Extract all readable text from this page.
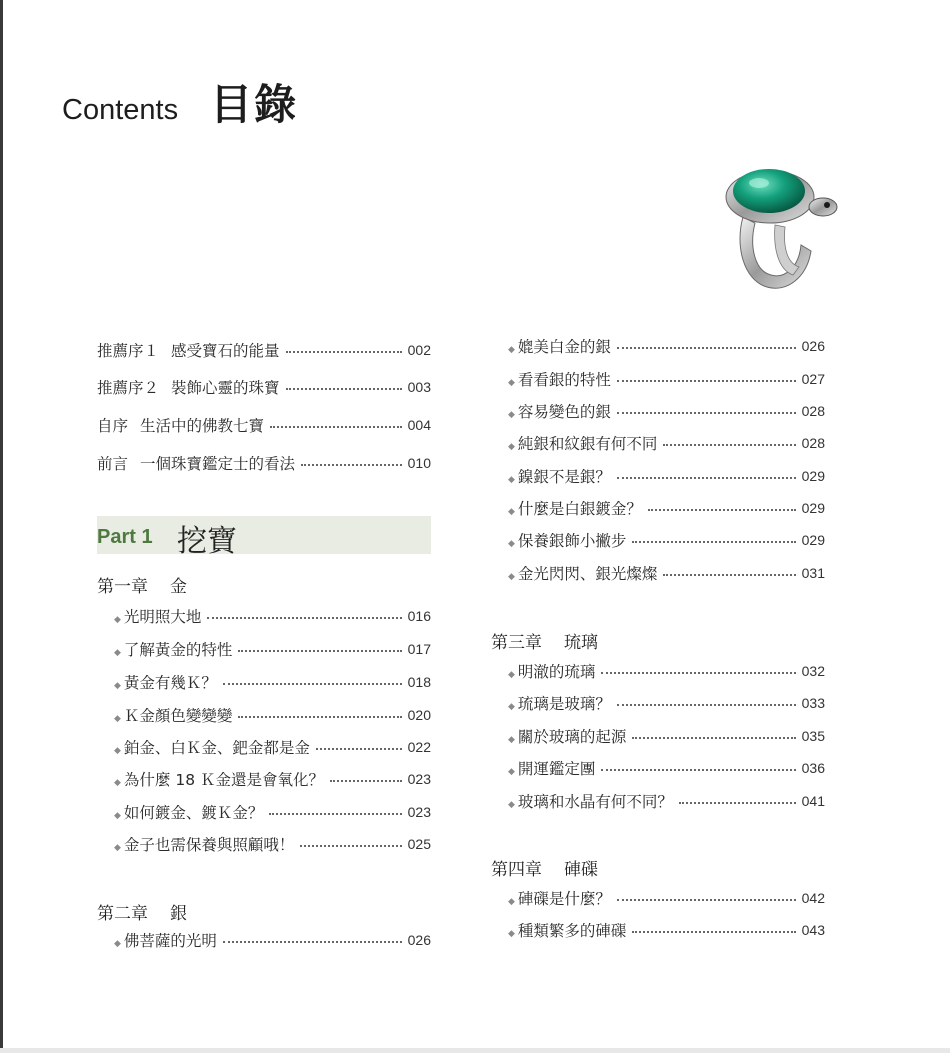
Contents 目錄
推薦序１ 感受寶石的能量	002
推薦序２ 裝飾心靈的珠寶	003
自序 生活中的佛教七寶	004
前言 一個珠寶鑑定士的看法	010
Part 1 挖寶
第一章 金
◆ 光明照大地	016
◆ 了解黃金的特性	017
◆ 黃金有幾Ｋ？	018
◆ Ｋ金顏色變變變	020
◆ 鉑金、白Ｋ金、鈀金都是金	022
◆ 為什麼 18 Ｋ金還是會氧化？	023
◆ 如何鍍金、鍍Ｋ金？	023
◆ 金子也需保養與照顧哦！	025
第二章 銀
◆ 佛菩薩的光明	026
◆ 媲美白金的銀	026
◆ 看看銀的特性	027
◆ 容易變色的銀	028
◆ 純銀和紋銀有何不同	028
◆ 鎳銀不是銀？	029
◆ 什麼是白銀鍍金？	029
◆ 保養銀飾小撇步	029
◆ 金光閃閃、銀光燦燦	031
第三章 琉璃
◆ 明澈的琉璃	032
◆ 琉璃是玻璃？	033
◆ 關於玻璃的起源	035
◆ 開運鑑定團	036
◆ 玻璃和水晶有何不同？	041
第四章 硨磲
◆ 硨磲是什麼？	042
◆ 種類繁多的硨磲	043
